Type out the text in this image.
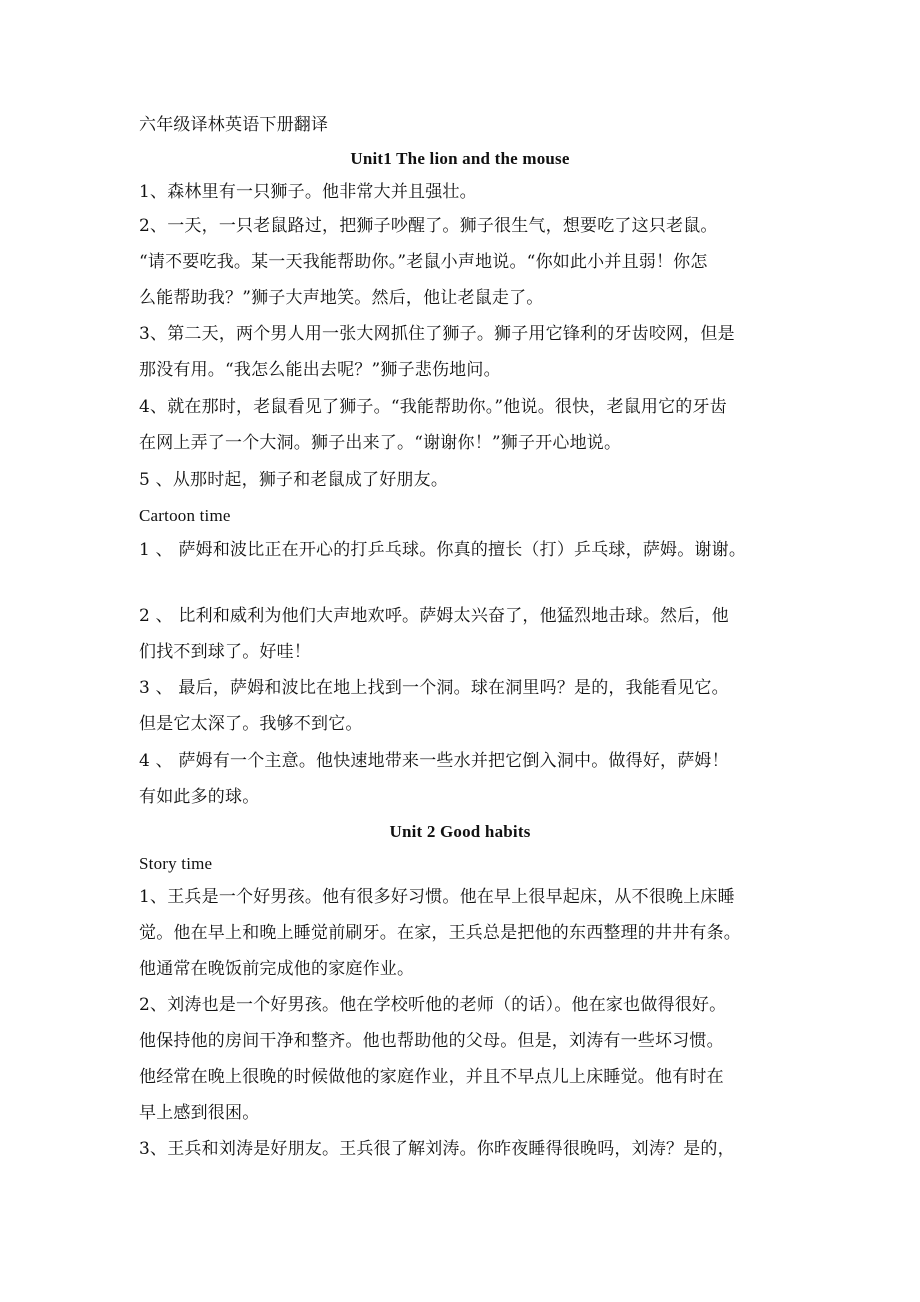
六年级译林英语下册翻译
Unit1 The lion and the mouse
1、森林里有一只狮子。他非常大并且强壮。
2、一天，一只老鼠路过，把狮子吵醒了。狮子很生气，想要吃了这只老鼠。
“请不要吃我。某一天我能帮助你。”老鼠小声地说。“你如此小并且弱！你怎
么能帮助我？”狮子大声地笑。然后，他让老鼠走了。
3、第二天，两个男人用一张大网抓住了狮子。狮子用它锋利的牙齿咬网，但是
那没有用。“我怎么能出去呢？”狮子悲伤地问。
4、就在那时，老鼠看见了狮子。“我能帮助你。”他说。很快，老鼠用它的牙齿
在网上弄了一个大洞。狮子出来了。“谢谢你！”狮子开心地说。
5 、从那时起，狮子和老鼠成了好朋友。
Cartoon time
1 、 萨姆和波比正在开心的打乒乓球。你真的擅长（打）乒乓球，萨姆。谢谢。
2 、 比利和威利为他们大声地欢呼。萨姆太兴奋了，他猛烈地击球。然后，他
们找不到球了。好哇！
3 、 最后，萨姆和波比在地上找到一个洞。球在洞里吗？是的，我能看见它。
但是它太深了。我够不到它。
4 、 萨姆有一个主意。他快速地带来一些水并把它倒入洞中。做得好，萨姆！
有如此多的球。
Unit 2 Good habits
Story time
1、王兵是一个好男孩。他有很多好习惯。他在早上很早起床，从不很晚上床睡
觉。他在早上和晚上睡觉前刷牙。在家，王兵总是把他的东西整理的井井有条。
他通常在晚饭前完成他的家庭作业。
2、刘涛也是一个好男孩。他在学校听他的老师（的话）。他在家也做得很好。
他保持他的房间干净和整齐。他也帮助他的父母。但是，刘涛有一些坏习惯。
他经常在晚上很晚的时候做他的家庭作业，并且不早点儿上床睡觉。他有时在
早上感到很困。
3、王兵和刘涛是好朋友。王兵很了解刘涛。你昨夜睡得很晚吗，刘涛？是的，
